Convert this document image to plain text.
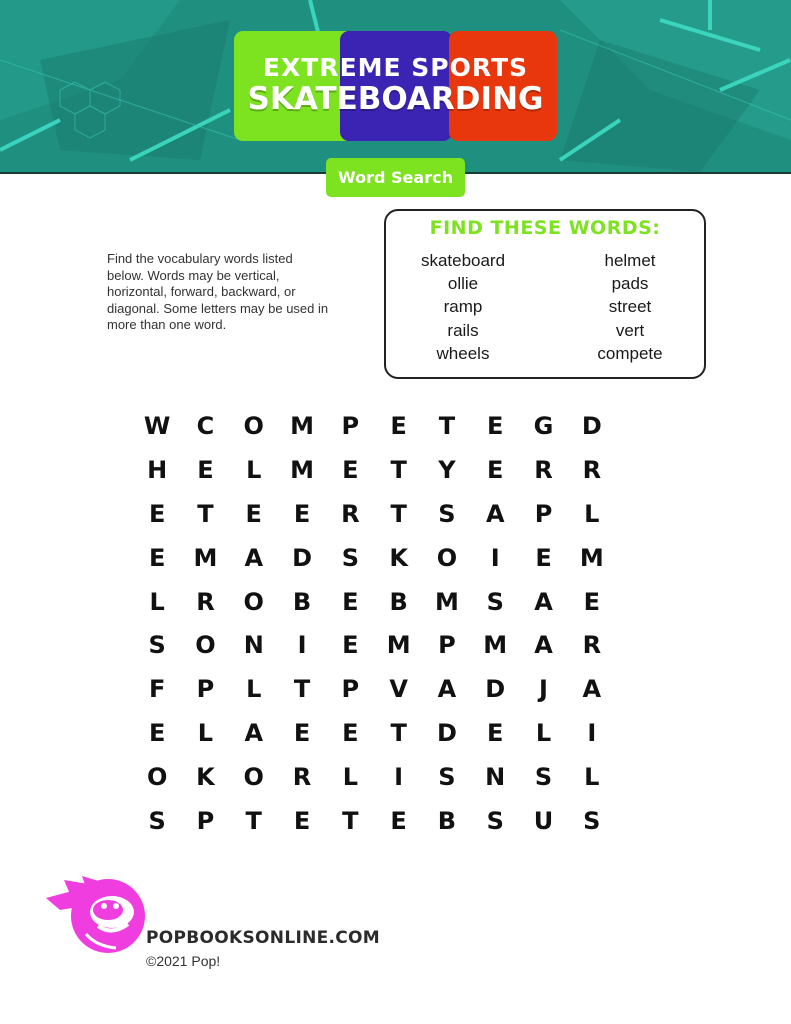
EXTREME SPORTS
SKATEBOARDING
Word Search
Find the vocabulary words listed below. Words may be vertical, horizontal, forward, backward, or diagonal. Some letters may be used in more than one word.
FIND THESE WORDS:
skateboard
ollie
ramp
rails
wheels
helmet
pads
street
vert
compete
W	C	O	M	P	E	T	E	G	D
H	E	L	M	E	T	Y	E	R	R
E	T	E	E	R	T	S	A	P	L
E	M	A	D	S	K	O	I	E	M
L	R	O	B	E	B	M	S	A	E
S	O	N	I	E	M	P	M	A	R
F	P	L	T	P	V	A	D	J	A
E	L	A	E	E	T	D	E	L	I
O	K	O	R	L	I	S	N	S	L
S	P	T	E	T	E	B	S	U	S
POPBOOKSONLINE.COM
©2021 Pop!
